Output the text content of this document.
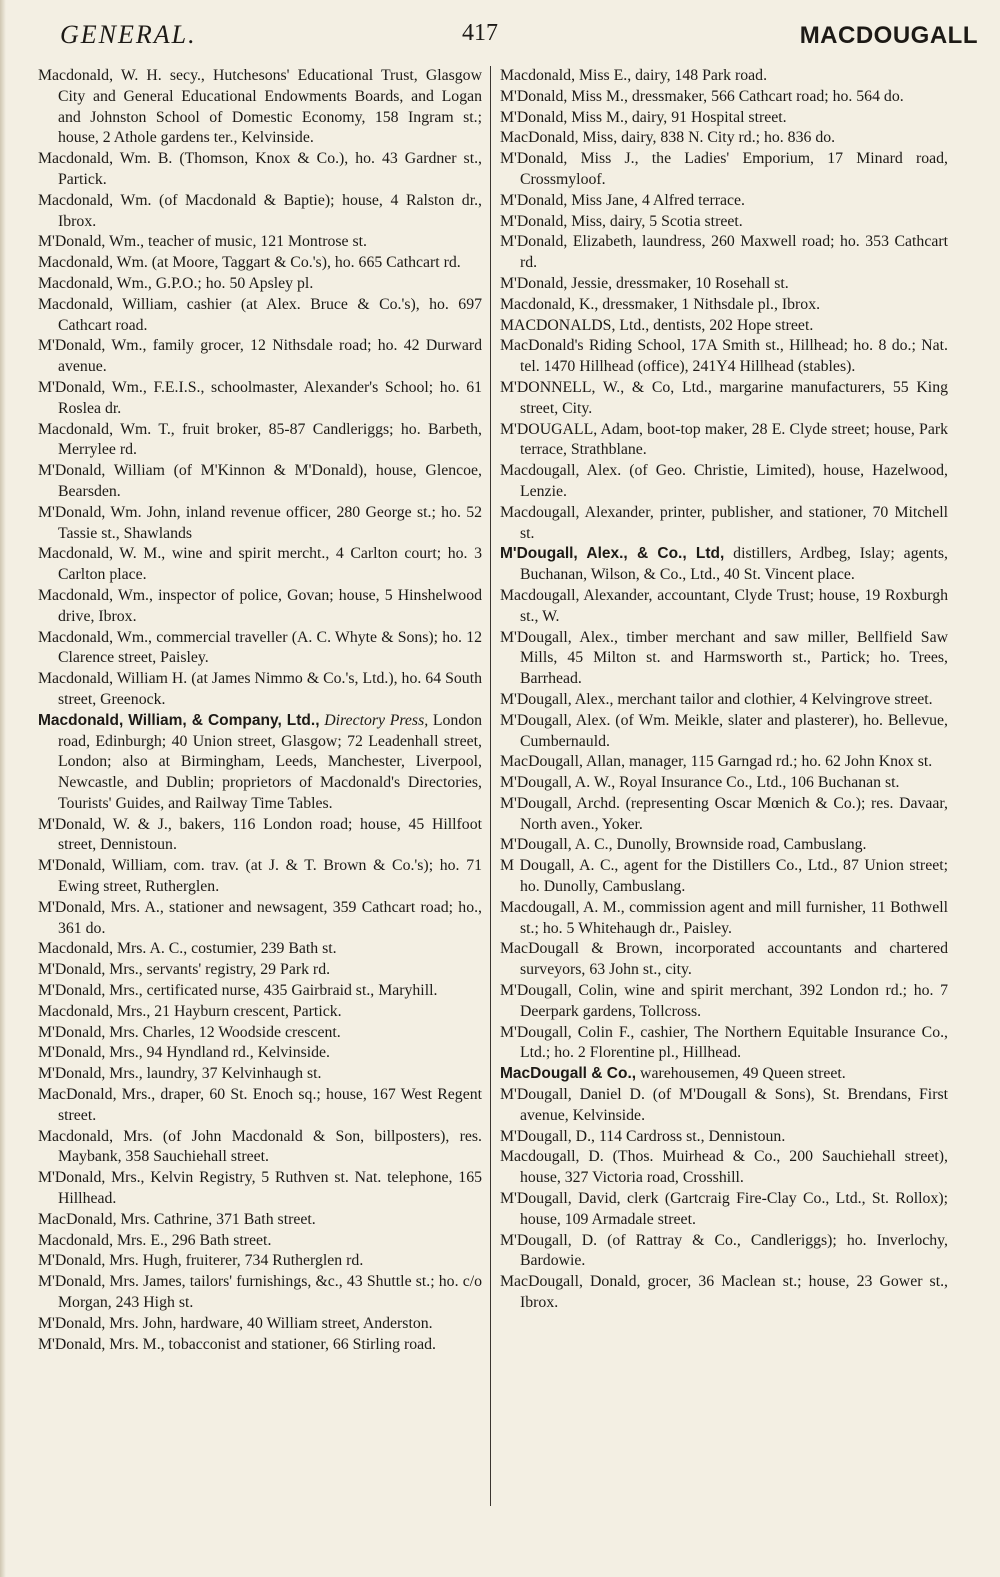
GENERAL.	417	MACDOUGALL

Macdonald, W. H. secy., Hutchesons' Educational Trust, Glasgow City and General Educational Endowments Boards, and Logan and Johnston School of Domestic Economy, 158 Ingram st.; house, 2 Athole gardens ter., Kelvinside.

Macdonald, Wm. B. (Thomson, Knox & Co.), ho. 43 Gardner st., Partick.

Macdonald, Wm. (of Macdonald & Baptie); house, 4 Ralston dr., Ibrox.

M'Donald, Wm., teacher of music, 121 Montrose st.

Macdonald, Wm. (at Moore, Taggart & Co.'s), ho. 665 Cathcart rd.

Macdonald, Wm., G.P.O.; ho. 50 Apsley pl.

Macdonald, William, cashier (at Alex. Bruce & Co.'s), ho. 697 Cathcart road.

M'Donald, Wm., family grocer, 12 Nithsdale road; ho. 42 Durward avenue.

M'Donald, Wm., F.E.I.S., schoolmaster, Alexander's School; ho. 61 Roslea dr.

Macdonald, Wm. T., fruit broker, 85-87 Candleriggs; ho. Barbeth, Merrylee rd.

M'Donald, William (of M'Kinnon & M'Donald), house, Glencoe, Bearsden.

M'Donald, Wm. John, inland revenue officer, 280 George st.; ho. 52 Tassie st., Shawlands

Macdonald, W. M., wine and spirit mercht., 4 Carlton court; ho. 3 Carlton place.

Macdonald, Wm., inspector of police, Govan; house, 5 Hinshelwood drive, Ibrox.

Macdonald, Wm., commercial traveller (A. C. Whyte & Sons); ho. 12 Clarence street, Paisley.

Macdonald, William H. (at James Nimmo & Co.'s, Ltd.), ho. 64 South street, Greenock.

Macdonald, William, & Company, Ltd., Directory Press, London road, Edinburgh; 40 Union street, Glasgow; 72 Leadenhall street, London; also at Birmingham, Leeds, Manchester, Liverpool, Newcastle, and Dublin; proprietors of Macdonald's Directories, Tourists' Guides, and Railway Time Tables.

M'Donald, W. & J., bakers, 116 London road; house, 45 Hillfoot street, Dennistoun.

M'Donald, William, com. trav. (at J. & T. Brown & Co.'s); ho. 71 Ewing street, Rutherglen.

M'Donald, Mrs. A., stationer and newsagent, 359 Cathcart road; ho., 361 do.

Macdonald, Mrs. A. C., costumier, 239 Bath st.

M'Donald, Mrs., servants' registry, 29 Park rd.

M'Donald, Mrs., certificated nurse, 435 Gairbraid st., Maryhill.

Macdonald, Mrs., 21 Hayburn crescent, Partick.

M'Donald, Mrs. Charles, 12 Woodside crescent.

M'Donald, Mrs., 94 Hyndland rd., Kelvinside.

M'Donald, Mrs., laundry, 37 Kelvinhaugh st.

MacDonald, Mrs., draper, 60 St. Enoch sq.; house, 167 West Regent street.

Macdonald, Mrs. (of John Macdonald & Son, billposters), res. Maybank, 358 Sauchiehall street.

M'Donald, Mrs., Kelvin Registry, 5 Ruthven st. Nat. telephone, 165 Hillhead.

MacDonald, Mrs. Cathrine, 371 Bath street.

Macdonald, Mrs. E., 296 Bath street.

M'Donald, Mrs. Hugh, fruiterer, 734 Rutherglen rd.

M'Donald, Mrs. James, tailors' furnishings, &c., 43 Shuttle st.; ho. c/o Morgan, 243 High st.

M'Donald, Mrs. John, hardware, 40 William street, Anderston.

M'Donald, Mrs. M., tobacconist and stationer, 66 Stirling road.

Macdonald, Miss E., dairy, 148 Park road.

M'Donald, Miss M., dressmaker, 566 Cathcart road; ho. 564 do.

M'Donald, Miss M., dairy, 91 Hospital street.

MacDonald, Miss, dairy, 838 N. City rd.; ho. 836 do.

M'Donald, Miss J., the Ladies' Emporium, 17 Minard road, Crossmyloof.

M'Donald, Miss Jane, 4 Alfred terrace.

M'Donald, Miss, dairy, 5 Scotia street.

M'Donald, Elizabeth, laundress, 260 Maxwell road; ho. 353 Cathcart rd.

M'Donald, Jessie, dressmaker, 10 Rosehall st.

Macdonald, K., dressmaker, 1 Nithsdale pl., Ibrox.

MACDONALDS, Ltd., dentists, 202 Hope street.

MacDonald's Riding School, 17A Smith st., Hillhead; ho. 8 do.; Nat. tel. 1470 Hillhead (office), 241Y4 Hillhead (stables).

M'DONNELL, W., & Co, Ltd., margarine manufacturers, 55 King street, City.

M'DOUGALL, Adam, boot-top maker, 28 E. Clyde street; house, Park terrace, Strathblane.

Macdougall, Alex. (of Geo. Christie, Limited), house, Hazelwood, Lenzie.

Macdougall, Alexander, printer, publisher, and stationer, 70 Mitchell st.

M'Dougall, Alex., & Co., Ltd, distillers, Ardbeg, Islay; agents, Buchanan, Wilson, & Co., Ltd., 40 St. Vincent place.

Macdougall, Alexander, accountant, Clyde Trust; house, 19 Roxburgh st., W.

M'Dougall, Alex., timber merchant and saw miller, Bellfield Saw Mills, 45 Milton st. and Harmsworth st., Partick; ho. Trees, Barrhead.

M'Dougall, Alex., merchant tailor and clothier, 4 Kelvingrove street.

M'Dougall, Alex. (of Wm. Meikle, slater and plasterer), ho. Bellevue, Cumbernauld.

MacDougall, Allan, manager, 115 Garngad rd.; ho. 62 John Knox st.

M'Dougall, A. W., Royal Insurance Co., Ltd., 106 Buchanan st.

M'Dougall, Archd. (representing Oscar Mœnich & Co.); res. Davaar, North aven., Yoker.

M'Dougall, A. C., Dunolly, Brownside road, Cambuslang.

M Dougall, A. C., agent for the Distillers Co., Ltd., 87 Union street; ho. Dunolly, Cambuslang.

Macdougall, A. M., commission agent and mill furnisher, 11 Bothwell st.; ho. 5 Whitehaugh dr., Paisley.

MacDougall & Brown, incorporated accountants and chartered surveyors, 63 John st., city.

M'Dougall, Colin, wine and spirit merchant, 392 London rd.; ho. 7 Deerpark gardens, Tollcross.

M'Dougall, Colin F., cashier, The Northern Equitable Insurance Co., Ltd.; ho. 2 Florentine pl., Hillhead.

MacDougall & Co., warehousemen, 49 Queen street.

M'Dougall, Daniel D. (of M'Dougall & Sons), St. Brendans, First avenue, Kelvinside.

M'Dougall, D., 114 Cardross st., Dennistoun.

Macdougall, D. (Thos. Muirhead & Co., 200 Sauchiehall street), house, 327 Victoria road, Crosshill.

M'Dougall, David, clerk (Gartcraig Fire-Clay Co., Ltd., St. Rollox); house, 109 Armadale street.

M'Dougall, D. (of Rattray & Co., Candleriggs); ho. Inverlochy, Bardowie.

MacDougall, Donald, grocer, 36 Maclean st.; house, 23 Gower st., Ibrox.
